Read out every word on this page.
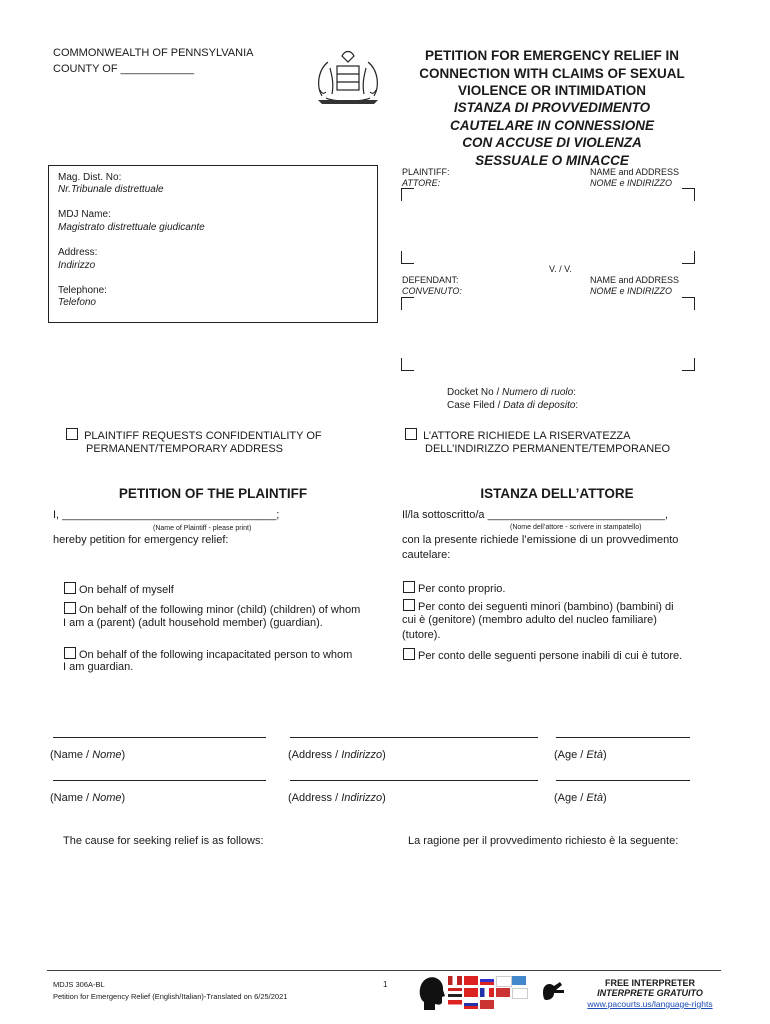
COMMONWEALTH OF PENNSYLVANIA
COUNTY OF ____________
PETITION FOR EMERGENCY RELIEF IN
CONNECTION WITH CLAIMS OF SEXUAL
VIOLENCE OR INTIMIDATION
ISTANZA DI PROVVEDIMENTO
CAUTELARE IN CONNESSIONE
CON ACCUSE DI VIOLENZA
SESSUALE O MINACCE
Mag. Dist. No:
Nr.Tribunale distrettuale
MDJ Name:
Magistrato distrettuale giudicante
Address:
Indirizzo
Telephone:
Telefono
PLAINTIFF:
ATTORE:
NAME and ADDRESS
NOME e INDIRIZZO
V. / V.
DEFENDANT:
CONVENUTO:
NAME and ADDRESS
NOME e INDIRIZZO
Docket No / Numero di ruolo:
Case Filed / Data di deposito:
PLAINTIFF REQUESTS CONFIDENTIALITY OF
PERMANENT/TEMPORARY ADDRESS
L’ATTORE RICHIEDE LA RISERVATEZZA
DELL’INDIRIZZO PERMANENTE/TEMPORANEO
PETITION OF THE PLAINTIFF	ISTANZA DELL’ATTORE
I, ___________________________________;
(Name of Plaintiff - please print)
hereby petition for emergency relief:
On behalf of myself
On behalf of the following minor (child) (children) of whom
I am a (parent) (adult household member) (guardian).
On behalf of the following incapacitated person to whom
I am guardian.
Il/la sottoscritto/a _____________________________,
(Nome dell’attore - scrivere in stampatello)
con la presente richiede l’emissione di un provvedimento
cautelare:
Per conto proprio.
Per conto dei seguenti minori (bambino) (bambini) di
cui è (genitore) (membro adulto del nucleo familiare)
(tutore).
Per conto delle seguenti persone inabili di cui è tutore.
(Name / Nome)	(Address / Indirizzo)	(Age / Età)
(Name / Nome)	(Address / Indirizzo)	(Age / Età)
The cause for seeking relief is as follows:	La ragione per il provvedimento richiesto è la seguente:
MDJS 306A-BL
Petition for Emergency Relief (English/Italian)-Translated on 6/25/2021
1	FREE INTERPRETER
INTERPRETE GRATUITO
www.pacourts.us/language-rights
